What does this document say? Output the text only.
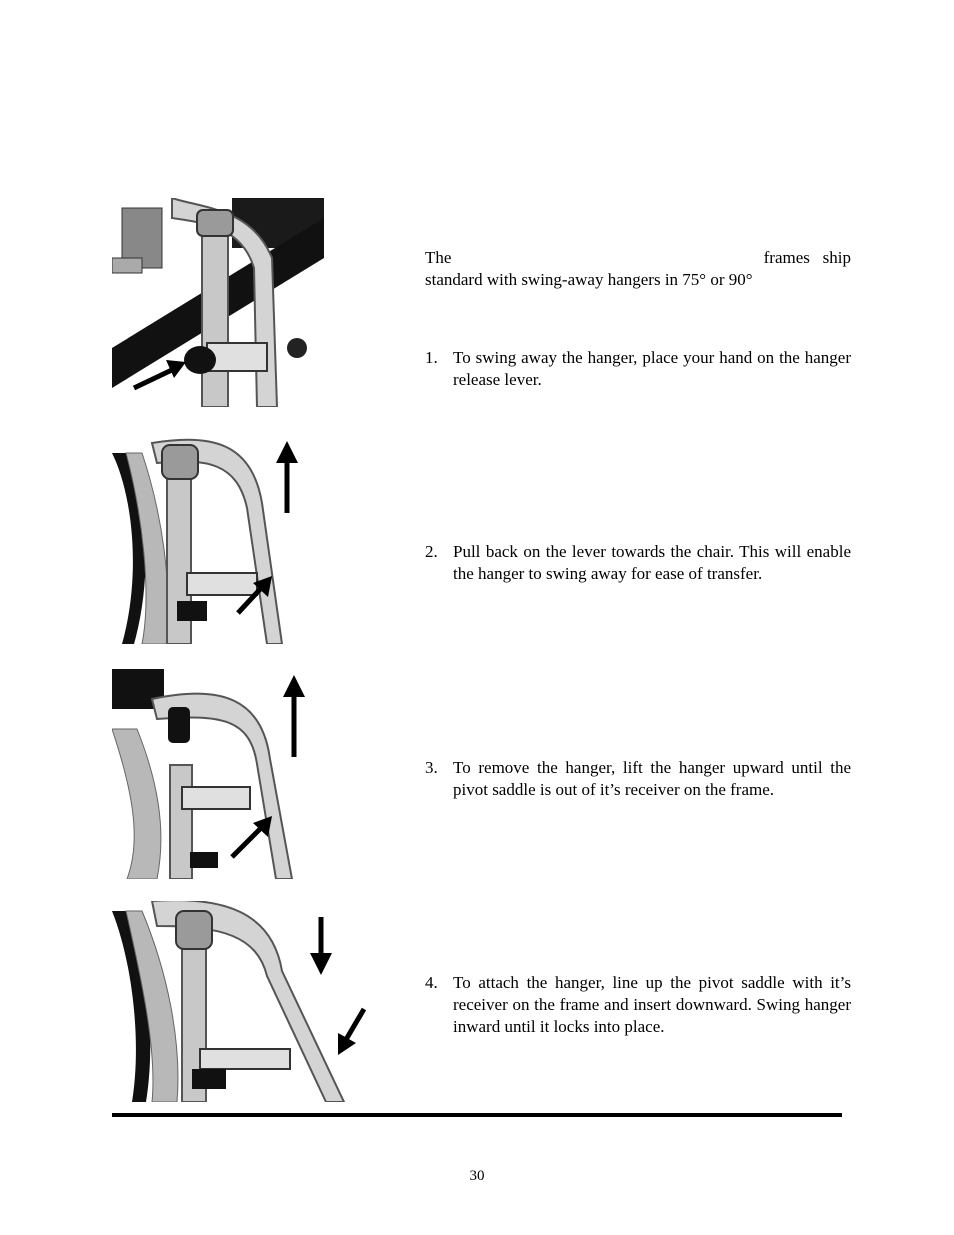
The	frames ship
standard with swing-away hangers in 75° or 90°
1. To swing away the hanger, place your hand on the hanger release lever.
2. Pull back on the lever towards the chair. This will enable the hanger to swing away for ease of transfer.
3. To remove the hanger, lift the hanger upward until the pivot saddle is out of it’s receiver on the frame.
4. To attach the hanger, line up the pivot saddle with it’s receiver on the frame and insert downward. Swing hanger inward until it locks into place.
30
